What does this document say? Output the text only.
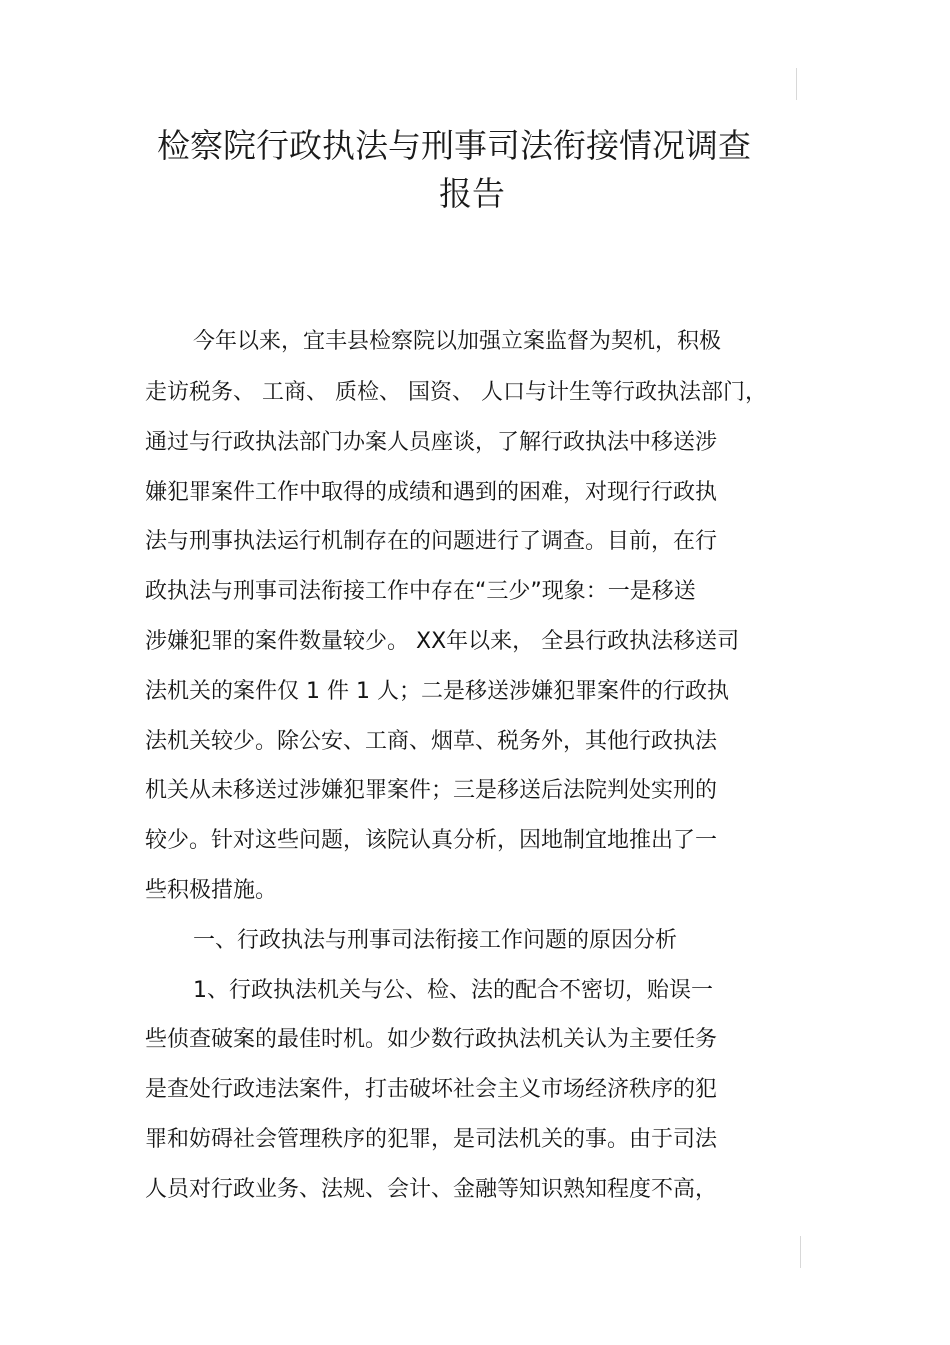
检察院行政执法与刑事司法衔接情况调查
报告
今年以来，宜丰县检察院以加强立案监督为契机，积极
走访税务、 工商、 质检、 国资、 人口与计生等行政执法部门，
通过与行政执法部门办案人员座谈，了解行政执法中移送涉
嫌犯罪案件工作中取得的成绩和遇到的困难，对现行行政执
法与刑事执法运行机制存在的问题进行了调查。目前，在行
政执法与刑事司法衔接工作中存在“三少”现象：一是移送
涉嫌犯罪的案件数量较少。 XX年以来， 全县行政执法移送司
法机关的案件仅 1 件 1 人；二是移送涉嫌犯罪案件的行政执
法机关较少。除公安、工商、烟草、税务外，其他行政执法
机关从未移送过涉嫌犯罪案件；三是移送后法院判处实刑的
较少。针对这些问题，该院认真分析，因地制宜地推出了一
些积极措施。
一、行政执法与刑事司法衔接工作问题的原因分析
1、行政执法机关与公、检、法的配合不密切，贻误一
些侦查破案的最佳时机。如少数行政执法机关认为主要任务
是查处行政违法案件，打击破坏社会主义市场经济秩序的犯
罪和妨碍社会管理秩序的犯罪，是司法机关的事。由于司法
人员对行政业务、法规、会计、金融等知识熟知程度不高，
